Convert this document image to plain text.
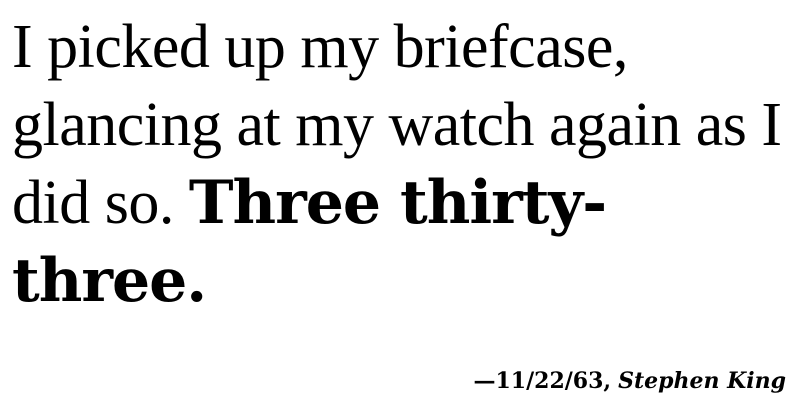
I picked up my briefcase, glancing at my watch again as I did so. Three thirty-three.

—11/22/63, Stephen King
